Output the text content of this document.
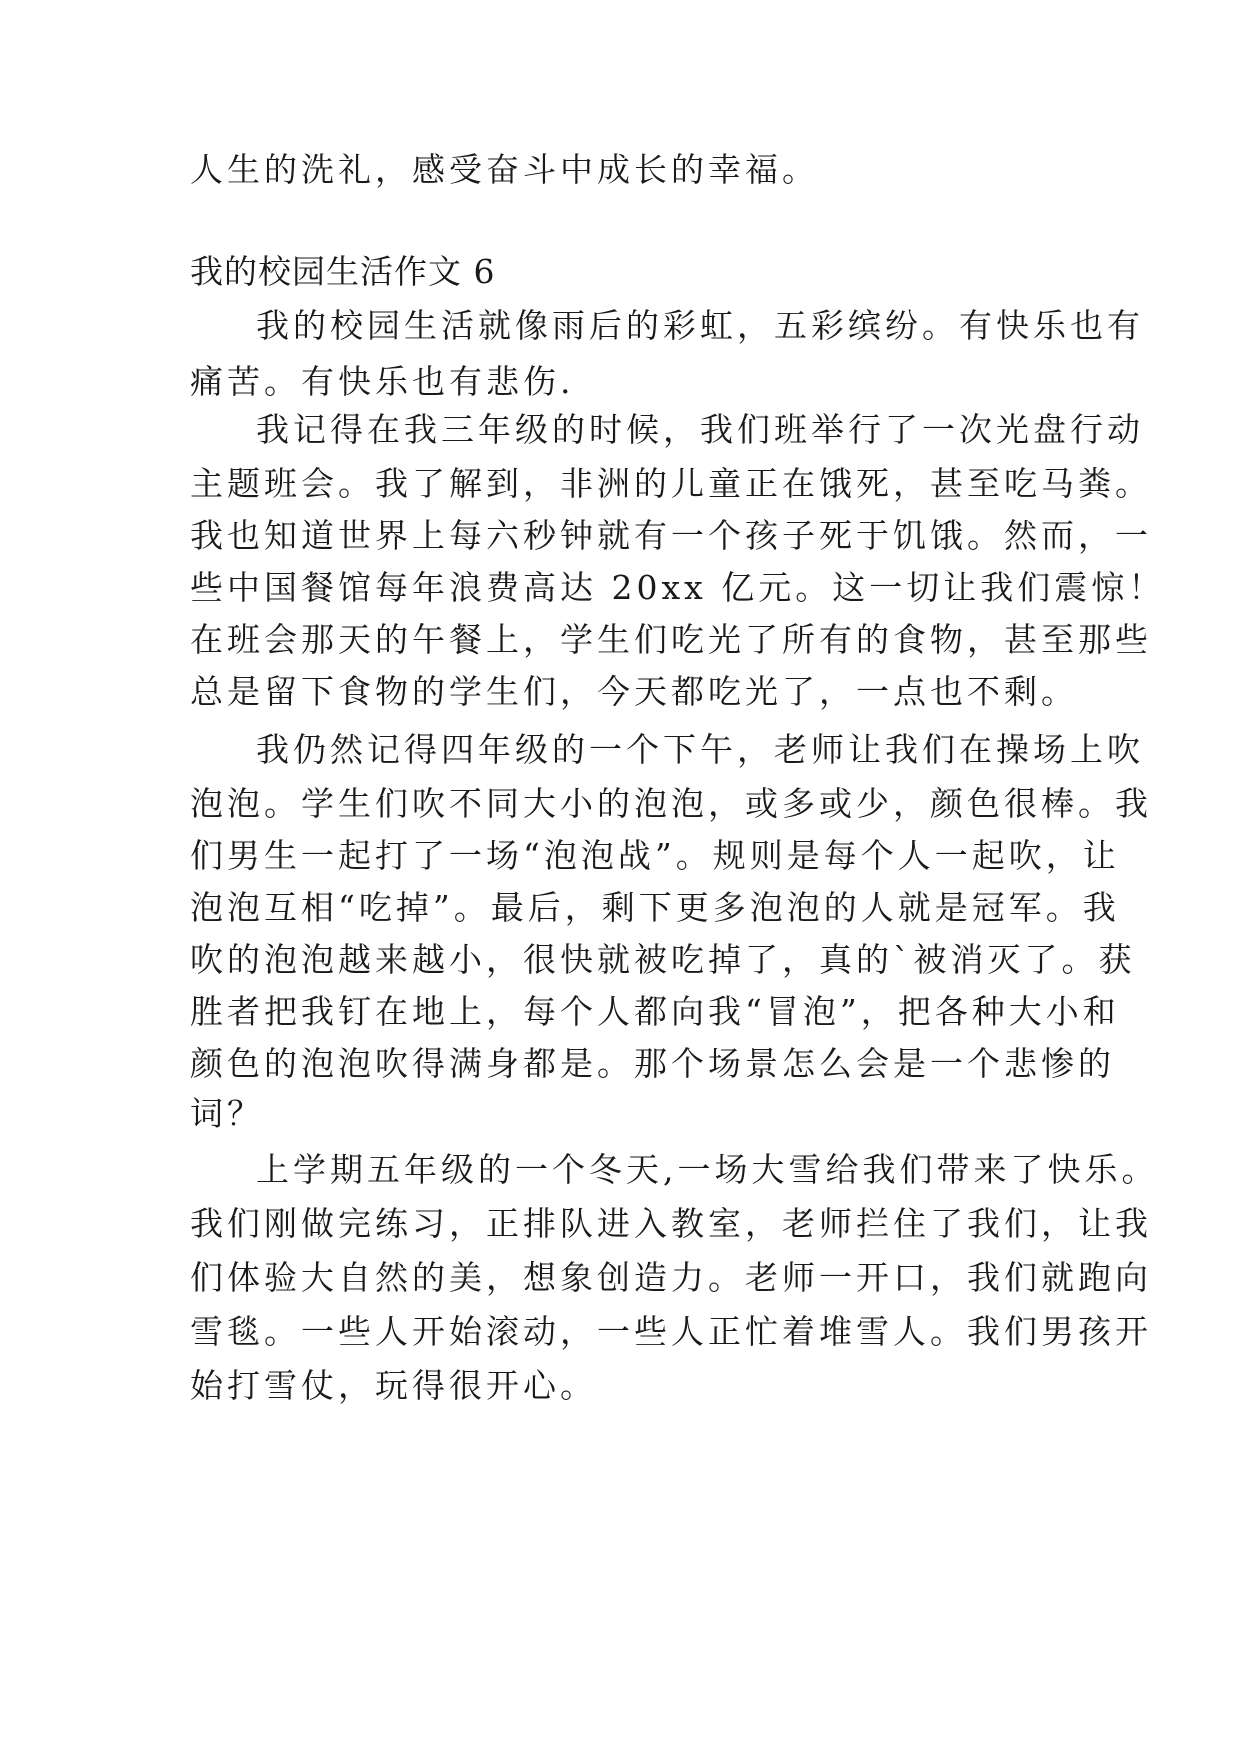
人生的洗礼，感受奋斗中成长的幸福。
我的校园生活作文 6
我的校园生活就像雨后的彩虹，五彩缤纷。有快乐也有
痛苦。有快乐也有悲伤.
我记得在我三年级的时候，我们班举行了一次光盘行动
主题班会。我了解到，非洲的儿童正在饿死，甚至吃马粪。
我也知道世界上每六秒钟就有一个孩子死于饥饿。然而，一
些中国餐馆每年浪费高达 20xx 亿元。这一切让我们震惊！
在班会那天的午餐上，学生们吃光了所有的食物，甚至那些
总是留下食物的学生们，今天都吃光了，一点也不剩。
我仍然记得四年级的一个下午，老师让我们在操场上吹
泡泡。学生们吹不同大小的泡泡，或多或少，颜色很棒。我
们男生一起打了一场“泡泡战”。规则是每个人一起吹，让
泡泡互相“吃掉”。最后，剩下更多泡泡的人就是冠军。我
吹的泡泡越来越小，很快就被吃掉了，真的`被消灭了。获
胜者把我钉在地上，每个人都向我“冒泡”，把各种大小和
颜色的泡泡吹得满身都是。那个场景怎么会是一个悲惨的
词？
上学期五年级的一个冬天,一场大雪给我们带来了快乐。
我们刚做完练习，正排队进入教室，老师拦住了我们，让我
们体验大自然的美，想象创造力。老师一开口，我们就跑向
雪毯。一些人开始滚动，一些人正忙着堆雪人。我们男孩开
始打雪仗，玩得很开心。
